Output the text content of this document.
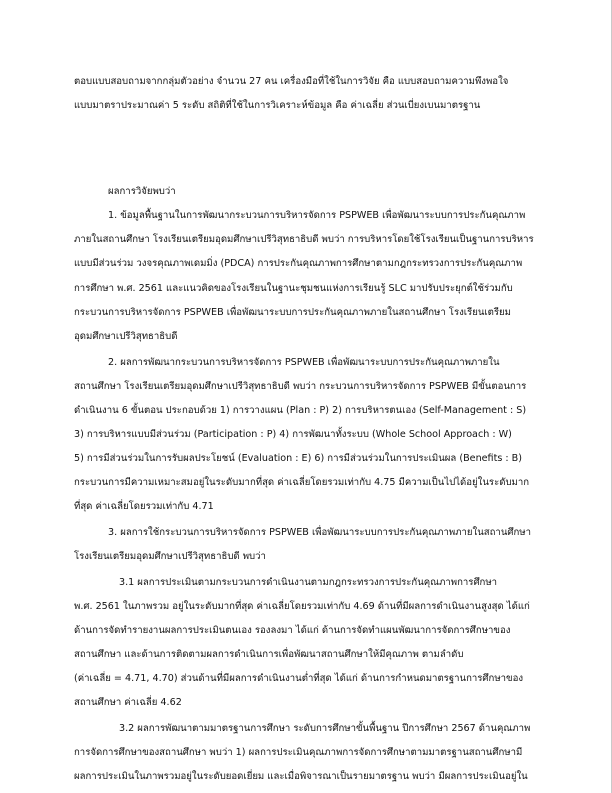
ตอบแบบสอบถามจากกลุ่มตัวอย่าง จำนวน 27 คน เครื่องมือที่ใช้ในการวิจัย คือ แบบสอบถามความพึงพอใจ
แบบมาตราประมาณค่า 5 ระดับ สถิติที่ใช้ในการวิเคราะห์ข้อมูล คือ ค่าเฉลี่ย ส่วนเบี่ยงเบนมาตรฐาน
ผลการวิจัยพบว่า
1. ข้อมูลพื้นฐานในการพัฒนากระบวนการบริหารจัดการ PSPWEB เพื่อพัฒนาระบบการประกันคุณภาพ
ภายในสถานศึกษา โรงเรียนเตรียมอุดมศึกษาเปรีวิสุทธาธิบดี พบว่า การบริหารโดยใช้โรงเรียนเป็นฐานการบริหาร
แบบมีส่วนร่วม วงจรคุณภาพเดมมิ่ง (PDCA) การประกันคุณภาพการศึกษาตามกฎกระทรวงการประกันคุณภาพ
การศึกษา พ.ศ. 2561 และแนวคิดของโรงเรียนในฐานะชุมชนแห่งการเรียนรู้ SLC มาปรับประยุกต์ใช้ร่วมกับ
กระบวนการบริหารจัดการ PSPWEB เพื่อพัฒนาระบบการประกันคุณภาพภายในสถานศึกษา โรงเรียนเตรียม
อุดมศึกษาเปรีวิสุทธาธิบดี
2. ผลการพัฒนากระบวนการบริหารจัดการ PSPWEB เพื่อพัฒนาระบบการประกันคุณภาพภายใน
สถานศึกษา โรงเรียนเตรียมอุดมศึกษาเปรีวิสุทธาธิบดี พบว่า กระบวนการบริหารจัดการ PSPWEB มีขั้นตอนการ
ดำเนินงาน 6 ขั้นตอน ประกอบด้วย 1) การวางแผน (Plan : P) 2) การบริหารตนเอง (Self-Management : S)
3) การบริหารแบบมีส่วนร่วม (Participation : P) 4) การพัฒนาทั้งระบบ (Whole School Approach : W)
5) การมีส่วนร่วมในการรับผลประโยชน์ (Evaluation : E) 6) การมีส่วนร่วมในการประเมินผล (Benefits : B)
กระบวนการมีความเหมาะสมอยู่ในระดับมากที่สุด ค่าเฉลี่ยโดยรวมเท่ากับ 4.75 มีความเป็นไปได้อยู่ในระดับมาก
ที่สุด ค่าเฉลี่ยโดยรวมเท่ากับ 4.71
3. ผลการใช้กระบวนการบริหารจัดการ PSPWEB เพื่อพัฒนาระบบการประกันคุณภาพภายในสถานศึกษา
โรงเรียนเตรียมอุดมศึกษาเปรีวิสุทธาธิบดี พบว่า
3.1 ผลการประเมินตามกระบวนการดำเนินงานตามกฎกระทรวงการประกันคุณภาพการศึกษา
พ.ศ. 2561 ในภาพรวม อยู่ในระดับมากที่สุด ค่าเฉลี่ยโดยรวมเท่ากับ 4.69 ด้านที่มีผลการดำเนินงานสูงสุด ได้แก่
ด้านการจัดทำรายงานผลการประเมินตนเอง รองลงมา ได้แก่ ด้านการจัดทำแผนพัฒนาการจัดการศึกษาของ
สถานศึกษา และด้านการติดตามผลการดำเนินการเพื่อพัฒนาสถานศึกษาให้มีคุณภาพ ตามลำดับ
(ค่าเฉลี่ย = 4.71, 4.70) ส่วนด้านที่มีผลการดำเนินงานต่ำที่สุด ได้แก่ ด้านการกำหนดมาตรฐานการศึกษาของ
สถานศึกษา ค่าเฉลี่ย 4.62
3.2 ผลการพัฒนาตามมาตรฐานการศึกษา ระดับการศึกษาขั้นพื้นฐาน ปีการศึกษา 2567 ด้านคุณภาพ
การจัดการศึกษาของสถานศึกษา พบว่า 1) ผลการประเมินคุณภาพการจัดการศึกษาตามมาตรฐานสถานศึกษามี
ผลการประเมินในภาพรวมอยู่ในระดับยอดเยี่ยม และเมื่อพิจารณาเป็นรายมาตรฐาน พบว่า มีผลการประเมินอยู่ใน
